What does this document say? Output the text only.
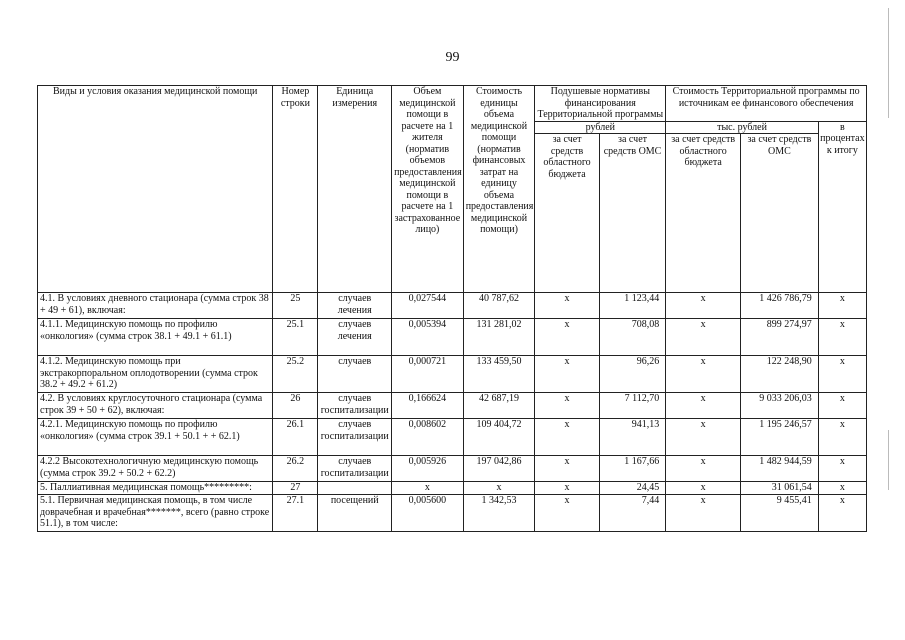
99
Виды и условия оказания медицинской помощи	Номер строки	Единица измерения	Объем медицинской помощи в расчете на 1 жителя (норматив объемов предоставления медицинской помощи в расчете на 1 застрахованное лицо)	Стоимость единицы объема медицинской помощи (норматив финансовых затрат на единицу объема предоставления медицинской помощи)	Подушевые нормативы финансирования Территориальной программы		Стоимость Территориальной программы по источникам ее финансового обеспечения		
					рублей		тыс. рублей		в процентах к итогу
					за счет средств областного бюджета	за счет средств ОМС	за счет средств областного бюджета	за счет средств ОМС	
4.1. В условиях дневного стационара (сумма строк 38 + 49 + 61), включая:	25	случаев лечения	0,027544	40 787,62	х	1 123,44	х	1 426 786,79	х
4.1.1. Медицинскую помощь по профилю «онкология» (сумма строк 38.1 + 49.1 + 61.1)	25.1	случаев лечения	0,005394	131 281,02	х	708,08	х	899 274,97	х
4.1.2. Медицинскую помощь при экстракорпоральном оплодотворении (сумма строк 38.2 + 49.2 + 61.2)	25.2	случаев	0,000721	133 459,50	х	96,26	х	122 248,90	х
4.2. В условиях круглосуточного стационара (сумма строк 39 + 50 + 62), включая:	26	случаев госпитализации	0,166624	42 687,19	х	7 112,70	х	9 033 206,03	х
4.2.1. Медицинскую помощь по профилю «онкология» (сумма строк 39.1 + 50.1 + + 62.1)	26.1	случаев госпитализации	0,008602	109 404,72	х	941,13	х	1 195 246,57	х
4.2.2 Высокотехнологичную медицинскую помощь (сумма строк 39.2 + 50.2 + 62.2)	26.2	случаев госпитализации	0,005926	197 042,86	х	1 167,66	х	1 482 944,59	х
5. Паллиативная медицинская помощь*********:	27		х	х	х	24,45	х	31 061,54	х
5.1. Первичная медицинская помощь, в том числе доврачебная и врачебная*******, всего (равно строке 51.1), в том числе:	27.1	посещений	0,005600	1 342,53	х	7,44	х	9 455,41	х
